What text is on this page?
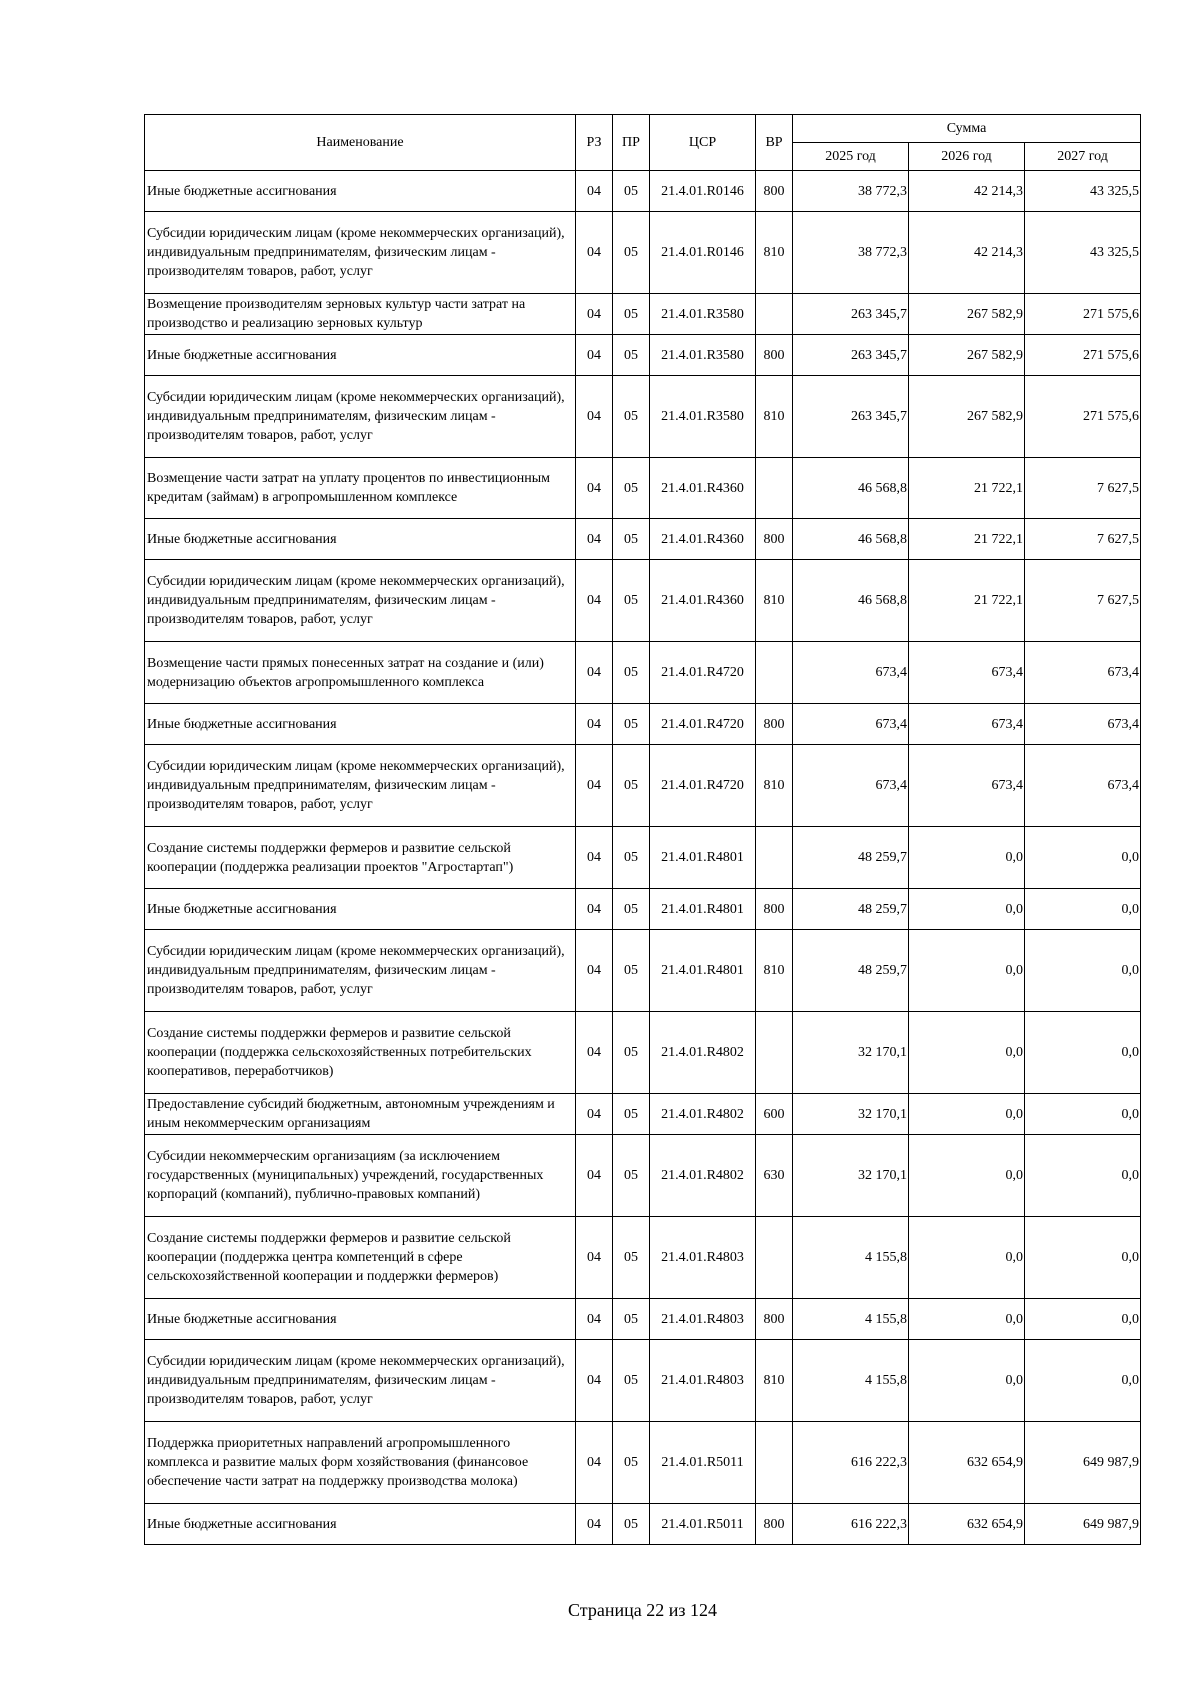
Наименование	РЗ	ПР	ЦСР	ВР	Сумма		
					2025 год	2026 год	2027 год
Иные бюджетные ассигнования	04	05	21.4.01.R0146	800	38 772,3	42 214,3	43 325,5
Субсидии юридическим лицам (кроме некоммерческих организаций), индивидуальным предпринимателям, физическим лицам - производителям товаров, работ, услуг	04	05	21.4.01.R0146	810	38 772,3	42 214,3	43 325,5
Возмещение производителям зерновых культур части затрат на производство и реализацию зерновых культур	04	05	21.4.01.R3580		263 345,7	267 582,9	271 575,6
Иные бюджетные ассигнования	04	05	21.4.01.R3580	800	263 345,7	267 582,9	271 575,6
Субсидии юридическим лицам (кроме некоммерческих организаций), индивидуальным предпринимателям, физическим лицам - производителям товаров, работ, услуг	04	05	21.4.01.R3580	810	263 345,7	267 582,9	271 575,6
Возмещение части затрат на уплату процентов по инвестиционным кредитам (займам) в агропромышленном комплексе	04	05	21.4.01.R4360		46 568,8	21 722,1	7 627,5
Иные бюджетные ассигнования	04	05	21.4.01.R4360	800	46 568,8	21 722,1	7 627,5
Субсидии юридическим лицам (кроме некоммерческих организаций), индивидуальным предпринимателям, физическим лицам - производителям товаров, работ, услуг	04	05	21.4.01.R4360	810	46 568,8	21 722,1	7 627,5
Возмещение части прямых понесенных затрат на создание и (или) модернизацию объектов агропромышленного комплекса	04	05	21.4.01.R4720		673,4	673,4	673,4
Иные бюджетные ассигнования	04	05	21.4.01.R4720	800	673,4	673,4	673,4
Субсидии юридическим лицам (кроме некоммерческих организаций), индивидуальным предпринимателям, физическим лицам - производителям товаров, работ, услуг	04	05	21.4.01.R4720	810	673,4	673,4	673,4
Создание системы поддержки фермеров и развитие сельской кооперации (поддержка реализации проектов "Агростартап")	04	05	21.4.01.R4801		48 259,7	0,0	0,0
Иные бюджетные ассигнования	04	05	21.4.01.R4801	800	48 259,7	0,0	0,0
Субсидии юридическим лицам (кроме некоммерческих организаций), индивидуальным предпринимателям, физическим лицам - производителям товаров, работ, услуг	04	05	21.4.01.R4801	810	48 259,7	0,0	0,0
Создание системы поддержки фермеров и развитие сельской кооперации (поддержка сельскохозяйственных потребительских кооперативов, переработчиков)	04	05	21.4.01.R4802		32 170,1	0,0	0,0
Предоставление субсидий бюджетным, автономным учреждениям и иным некоммерческим организациям	04	05	21.4.01.R4802	600	32 170,1	0,0	0,0
Субсидии некоммерческим организациям (за исключением государственных (муниципальных) учреждений, государственных корпораций (компаний), публично-правовых компаний)	04	05	21.4.01.R4802	630	32 170,1	0,0	0,0
Создание системы поддержки фермеров и развитие сельской кооперации (поддержка центра компетенций в сфере сельскохозяйственной кооперации и поддержки фермеров)	04	05	21.4.01.R4803		4 155,8	0,0	0,0
Иные бюджетные ассигнования	04	05	21.4.01.R4803	800	4 155,8	0,0	0,0
Субсидии юридическим лицам (кроме некоммерческих организаций), индивидуальным предпринимателям, физическим лицам - производителям товаров, работ, услуг	04	05	21.4.01.R4803	810	4 155,8	0,0	0,0
Поддержка приоритетных направлений агропромышленного комплекса и развитие малых форм хозяйствования (финансовое обеспечение части затрат на поддержку производства молока)	04	05	21.4.01.R5011		616 222,3	632 654,9	649 987,9
Иные бюджетные ассигнования	04	05	21.4.01.R5011	800	616 222,3	632 654,9	649 987,9
Страница 22 из 124
